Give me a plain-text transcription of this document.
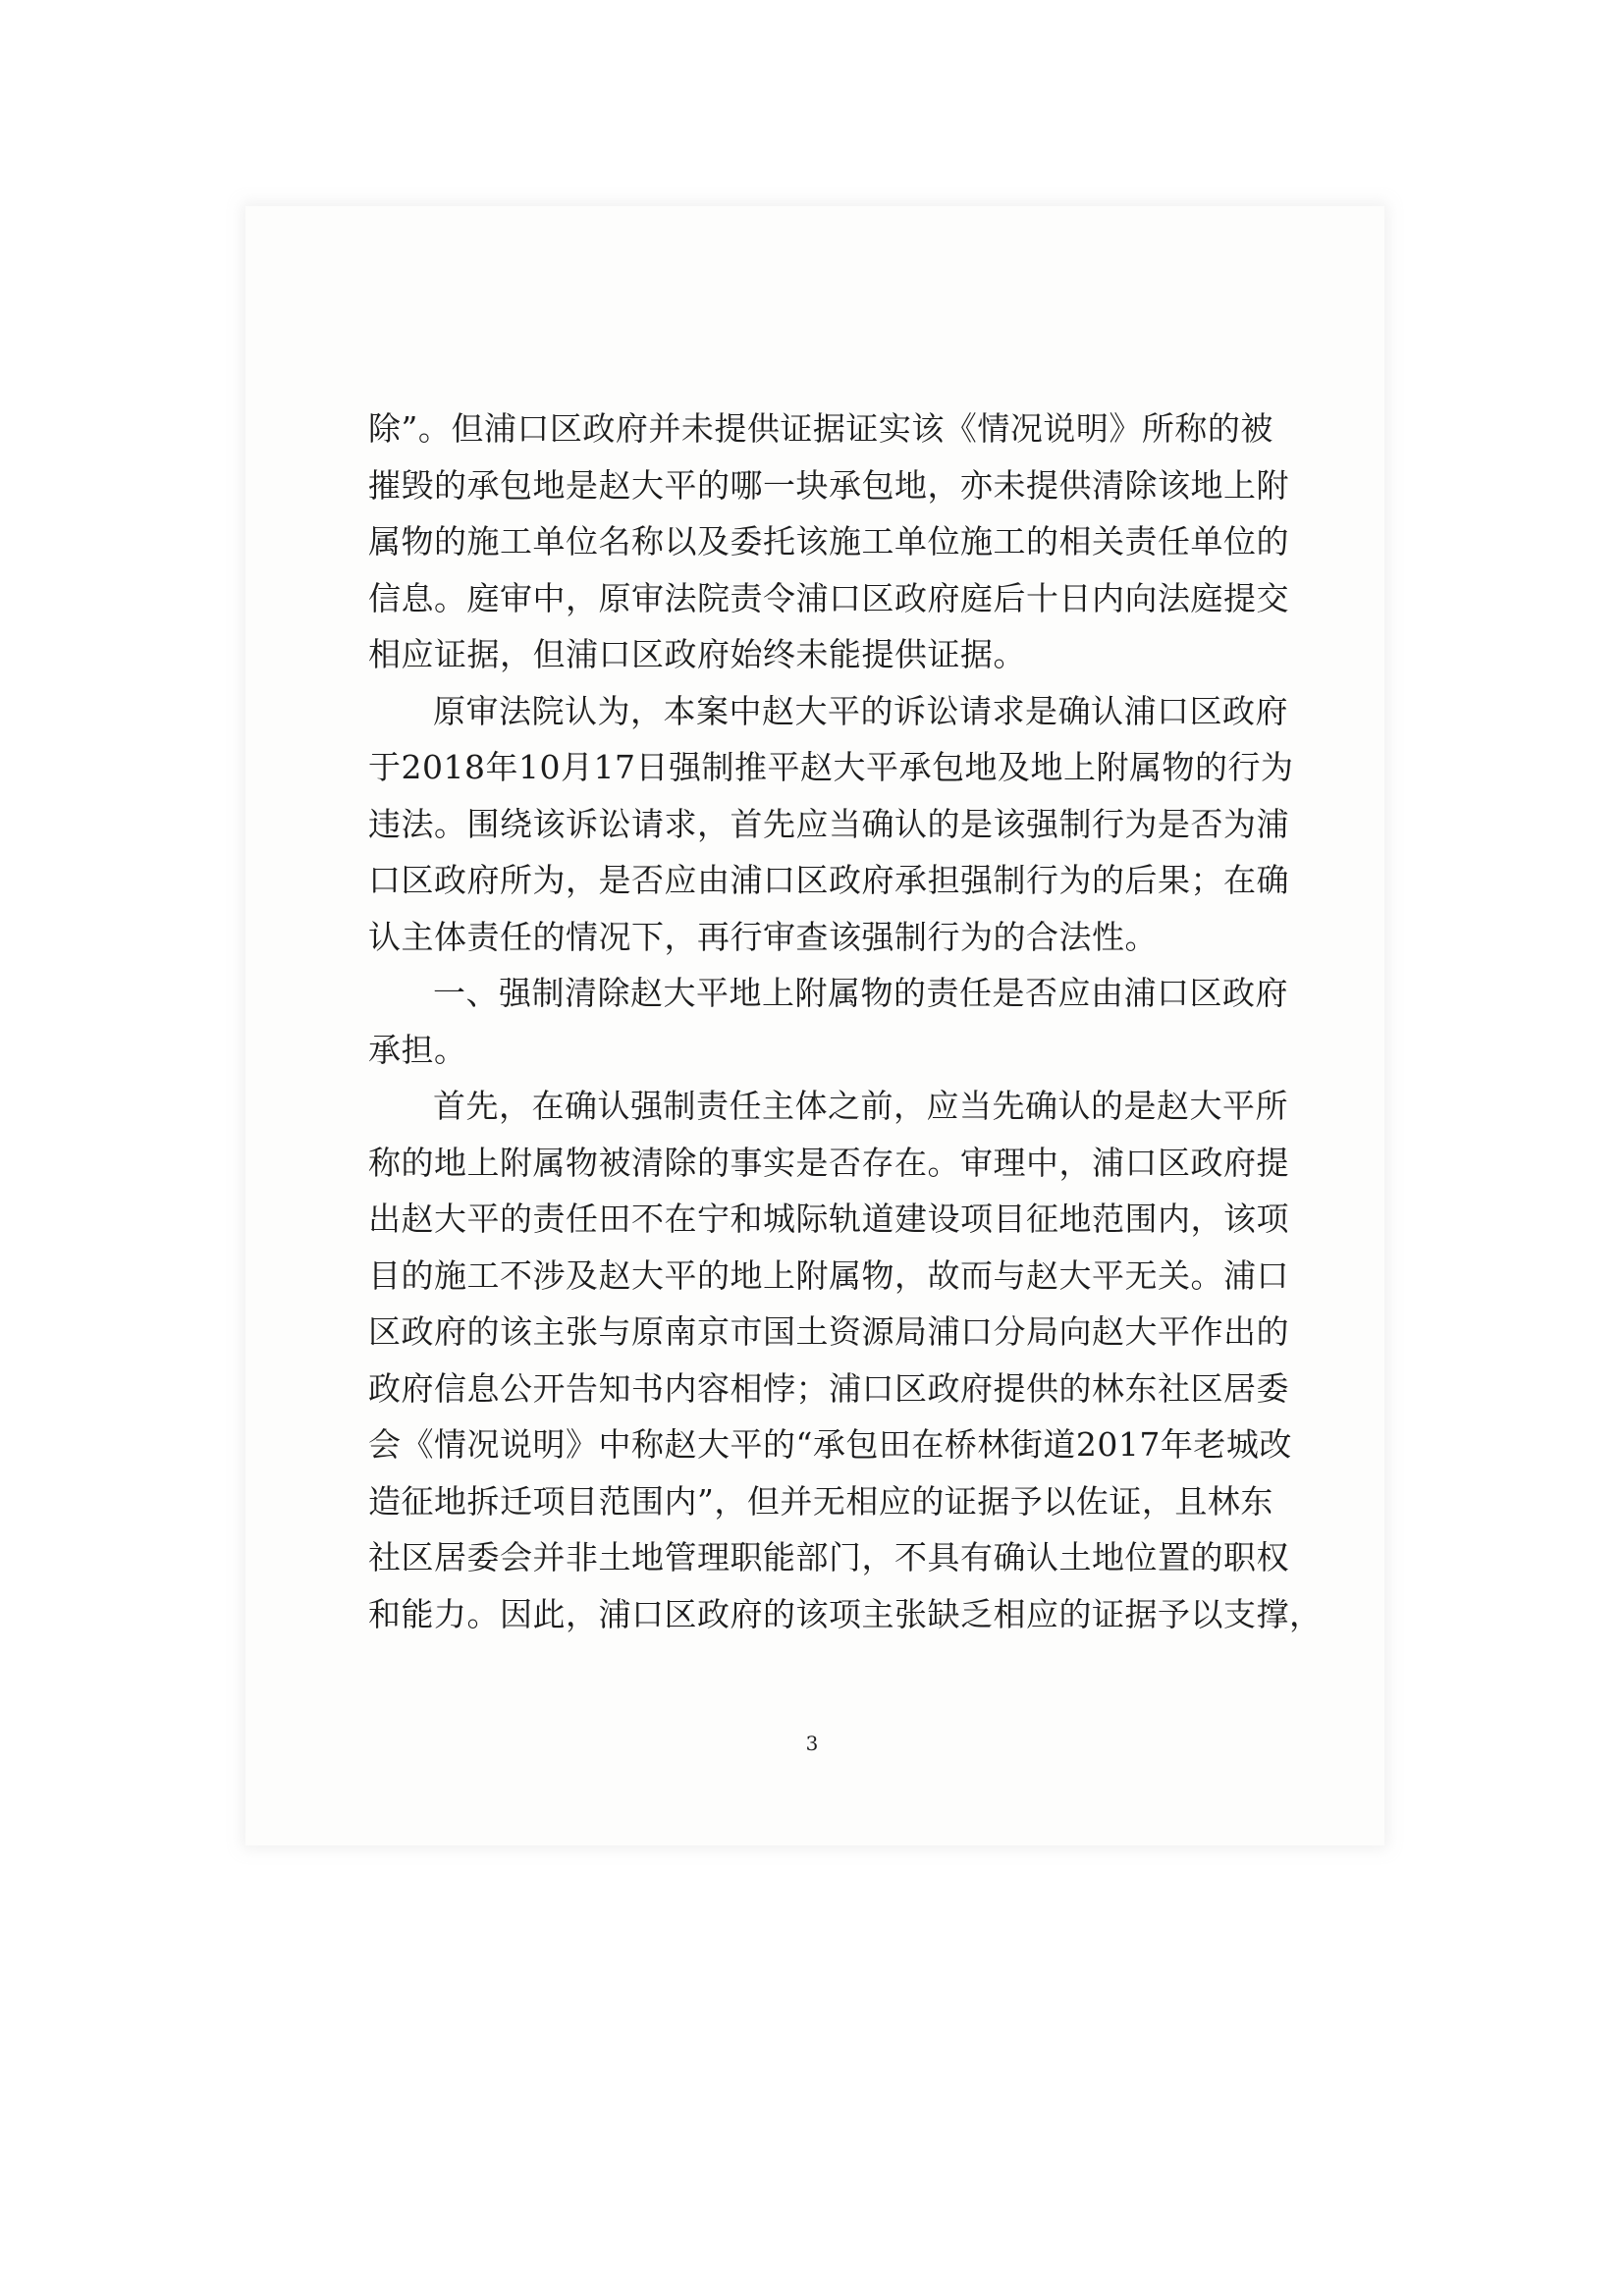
除”。但浦口区政府并未提供证据证实该《情况说明》所称的被

摧毁的承包地是赵大平的哪一块承包地，亦未提供清除该地上附

属物的施工单位名称以及委托该施工单位施工的相关责任单位的

信息。庭审中，原审法院责令浦口区政府庭后十日内向法庭提交

相应证据，但浦口区政府始终未能提供证据。

原审法院认为，本案中赵大平的诉讼请求是确认浦口区政府

于2018年10月17日强制推平赵大平承包地及地上附属物的行为

违法。围绕该诉讼请求，首先应当确认的是该强制行为是否为浦

口区政府所为，是否应由浦口区政府承担强制行为的后果；在确

认主体责任的情况下，再行审查该强制行为的合法性。

一、强制清除赵大平地上附属物的责任是否应由浦口区政府

承担。

首先，在确认强制责任主体之前，应当先确认的是赵大平所

称的地上附属物被清除的事实是否存在。审理中，浦口区政府提

出赵大平的责任田不在宁和城际轨道建设项目征地范围内，该项

目的施工不涉及赵大平的地上附属物，故而与赵大平无关。浦口

区政府的该主张与原南京市国土资源局浦口分局向赵大平作出的

政府信息公开告知书内容相悖；浦口区政府提供的林东社区居委

会《情况说明》中称赵大平的“承包田在桥林街道2017年老城改

造征地拆迁项目范围内”，但并无相应的证据予以佐证，且林东

社区居委会并非土地管理职能部门，不具有确认土地位置的职权

和能力。因此，浦口区政府的该项主张缺乏相应的证据予以支撑，

3
